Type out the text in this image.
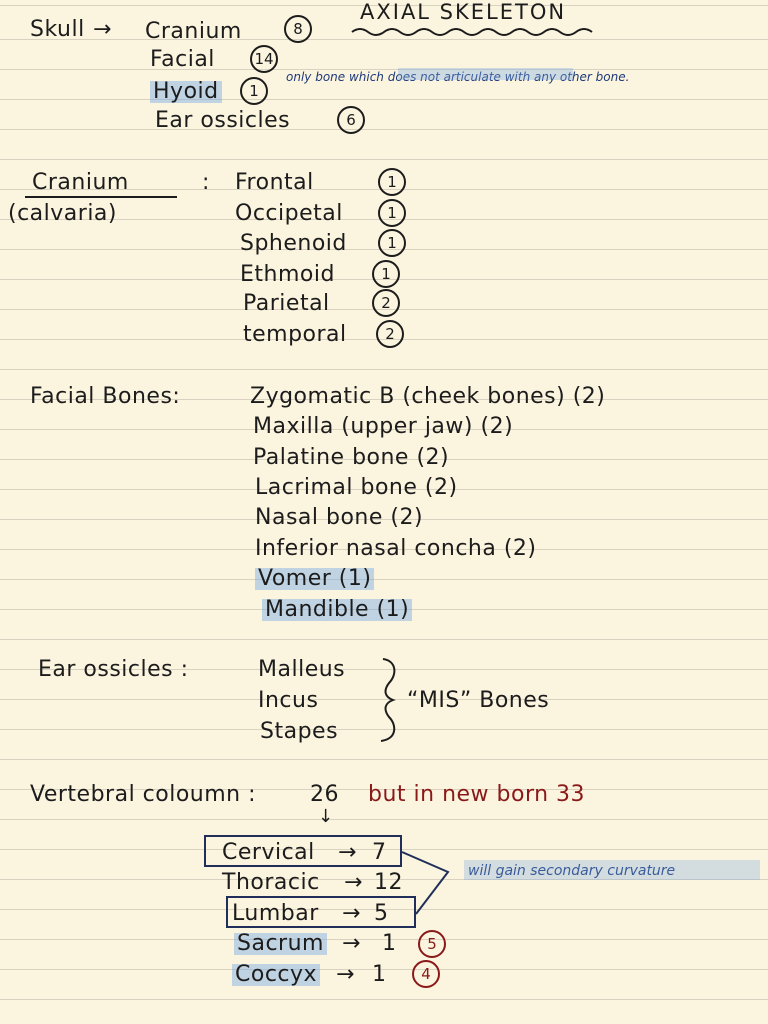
AXIAL SKELETON
Skull → Cranium	8
Facial	14
Hyoid	1
only bone which does not articulate with any other bone.
Ear ossicles	6
Cranium
(calvaria)
: Frontal	1
Occipetal	1
Sphenoid	1
Ethmoid	1
Parietal	2
temporal	2
Facial Bones:	Zygomatic B (cheek bones) (2)
Maxilla (upper jaw) (2)
Palatine bone (2)
Lacrimal bone (2)
Nasal bone (2)
Inferior nasal concha (2)
Vomer (1)
Mandible (1)
Ear ossicles :	Malleus
Incus
Stapes
“MIS” Bones
Vertebral coloumn : 26 but in new born 33
↓
Cervical → 7
Thoracic → 12
Lumbar → 5
will gain secondary curvature
Sacrum → 1	5
Coccyx → 1	4
